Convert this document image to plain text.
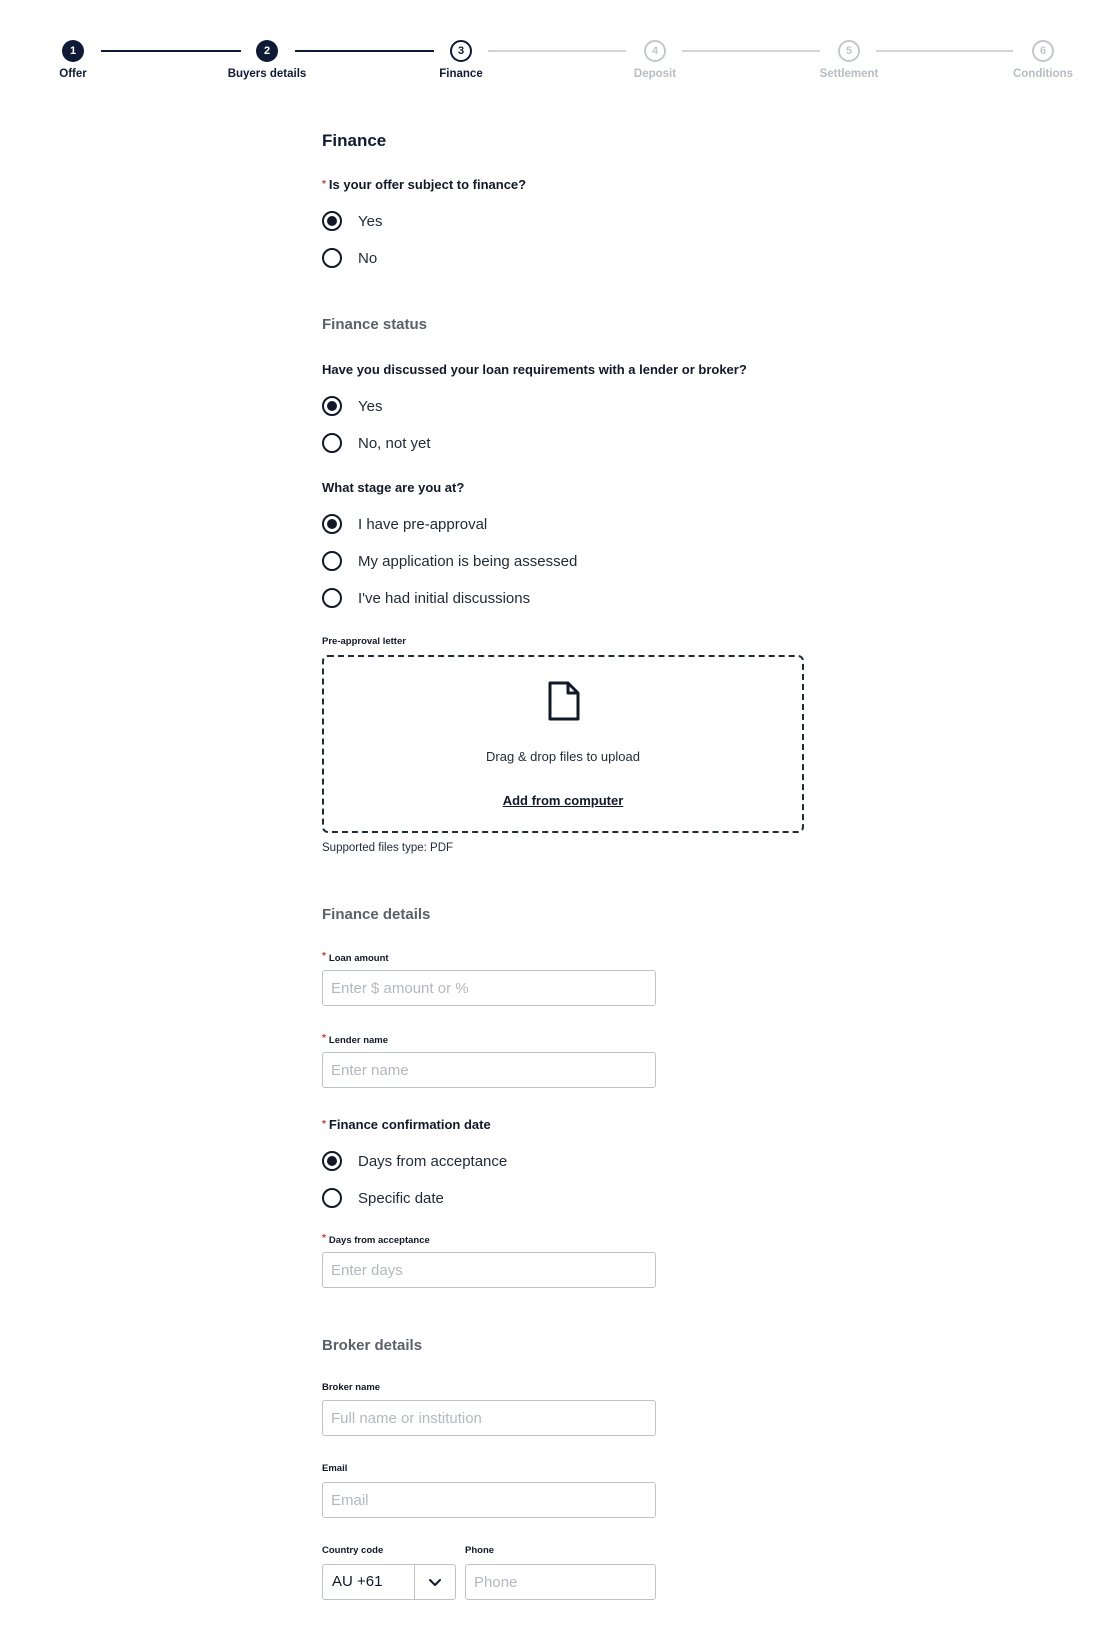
1
Offer
2
Buyers details
3
Finance
4
Deposit
5
Settlement
6
Conditions
Finance
* Is your offer subject to finance?
Yes
No
Finance status
Have you discussed your loan requirements with a lender or broker?
Yes
No, not yet
What stage are you at?
I have pre-approval
My application is being assessed
I've had initial discussions
Pre-approval letter
Drag & drop files to upload
Add from computer
Supported files type: PDF
Finance details
* Loan amount
Enter $ amount or %
* Lender name
Enter name
* Finance confirmation date
Days from acceptance
Specific date
* Days from acceptance
Enter days
Broker details
Broker name
Full name or institution
Email
Email
Country code
AU +61
Phone
Phone
